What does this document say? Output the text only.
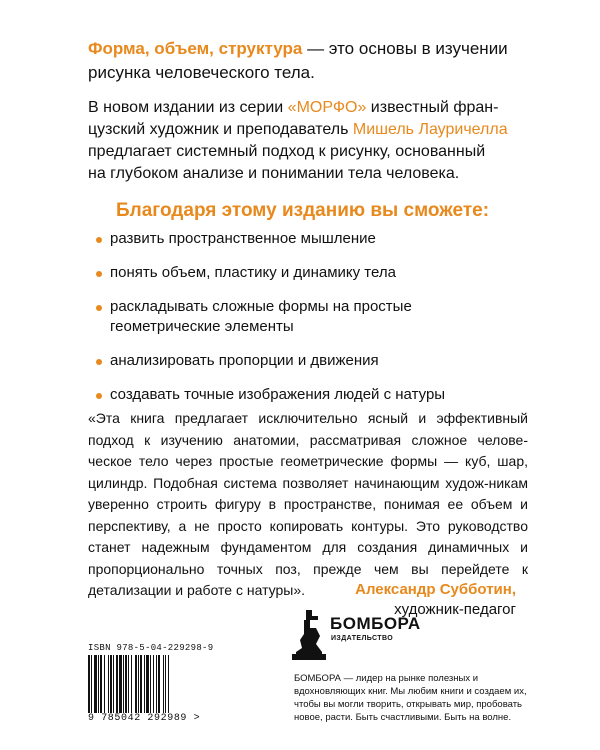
Форма, объем, структура — это основы в изучении
рисунка человеческого тела.
В новом издании из серии «МОРФО» известный фран-
цузский художник и преподаватель Мишель Лауричелла
предлагает системный подход к рисунку, основанный
на глубоком анализе и понимании тела человека.
Благодаря этому изданию вы сможете:
развить пространственное мышление
понять объем, пластику и динамику тела
раскладывать сложные формы на простые геометрические элементы
анализировать пропорции и движения
создавать точные изображения людей с натуры
«Эта книга предлагает исключительно ясный и эффективный подход к изучению анатомии, рассматривая сложное челове-ческое тело через простые геометрические формы — куб, шар, цилиндр. Подобная система позволяет начинающим худож-никам уверенно строить фигуру в пространстве, понимая ее объем и перспективу, а не просто копировать контуры. Это руководство станет надежным фундаментом для создания динамичных и пропорционально точных поз, прежде чем вы перейдете к детализации и работе с натуры».	Александр Субботин,
художник-педагог
ISBN 978-5-04-229298-9
9 785042 292989 >
БОМБОРА
ИЗДАТЕЛЬСТВО
БОМБОРА — лидер на рынке полезных и вдохновляющих книг. Мы любим книги и создаем их, чтобы вы могли творить, открывать мир, пробовать новое, расти. Быть счастливыми. Быть на волне.
